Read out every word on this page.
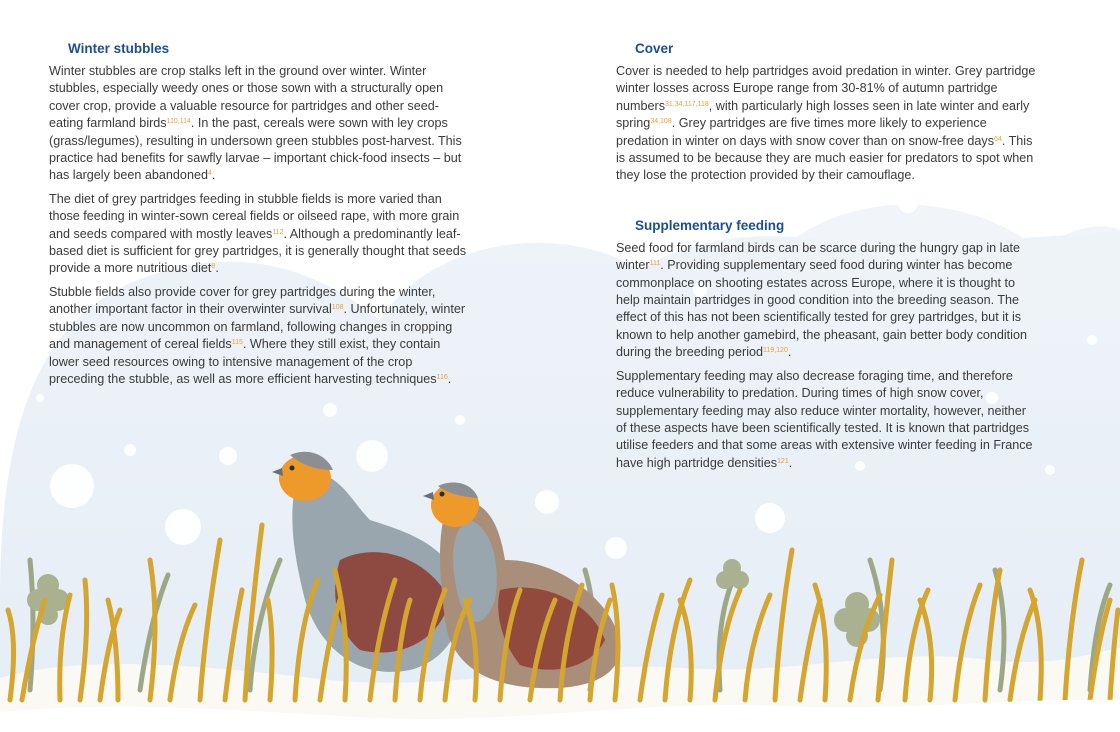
Winter stubbles

Winter stubbles are crop stalks left in the ground over winter. Winter stubbles, especially weedy ones or those sown with a structurally open cover crop, provide a valuable resource for partridges and other seed-eating farmland birds$^{110,114}$. In the past, cereals were sown with ley crops (grass/legumes), resulting in undersown green stubbles post-harvest. This practice had benefits for sawfly larvae – important chick-food insects – but has largely been abandoned$^4$.

The diet of grey partridges feeding in stubble fields is more varied than those feeding in winter-sown cereal fields or oilseed rape, with more grain and seeds compared with mostly leaves$^{112}$. Although a predominantly leaf-based diet is sufficient for grey partridges, it is generally thought that seeds provide a more nutritious diet$^8$.

Stubble fields also provide cover for grey partridges during the winter, another important factor in their overwinter survival$^{108}$. Unfortunately, winter stubbles are now uncommon on farmland, following changes in cropping and management of cereal fields$^{115}$. Where they still exist, they contain lower seed resources owing to intensive management of the crop preceding the stubble, as well as more efficient harvesting techniques$^{116}$.

Cover

Cover is needed to help partridges avoid predation in winter. Grey partridge winter losses across Europe range from 30-81% of autumn partridge numbers$^{31,34,117,118}$, with particularly high losses seen in late winter and early spring$^{34,108}$. Grey partridges are five times more likely to experience predation in winter on days with snow cover than on snow-free days$^{64}$. This is assumed to be because they are much easier for predators to spot when they lose the protection provided by their camouflage.

Supplementary feeding

Seed food for farmland birds can be scarce during the hungry gap in late winter$^{111}$. Providing supplementary seed food during winter has become commonplace on shooting estates across Europe, where it is thought to help maintain partridges in good condition into the breeding season. The effect of this has not been scientifically tested for grey partridges, but it is known to help another gamebird, the pheasant, gain better body condition during the breeding period$^{119,120}$.

Supplementary feeding may also decrease foraging time, and therefore reduce vulnerability to predation. During times of high snow cover, supplementary feeding may also reduce winter mortality, however, neither of these aspects have been scientifically tested. It is known that partridges utilise feeders and that some areas with extensive winter feeding in France have high partridge densities$^{121}$.
